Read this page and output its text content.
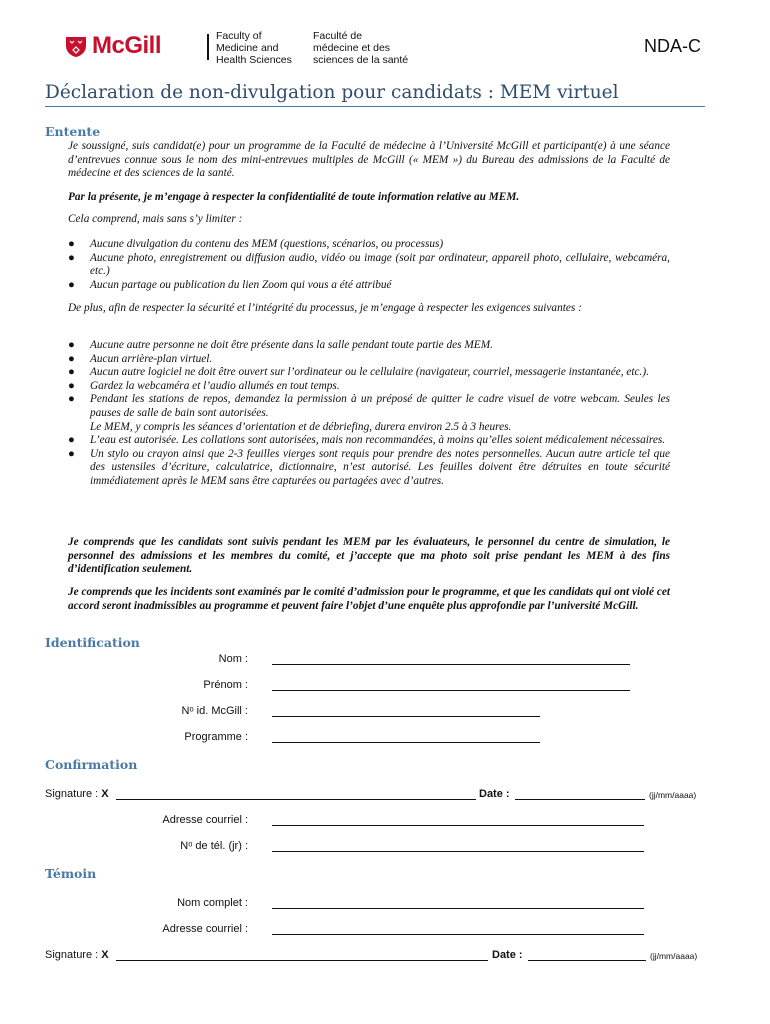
McGill	Faculty of
Medicine and
Health Sciences
Faculté de
médecine et des
sciences de la santé
NDA-C
Déclaration de non-divulgation pour candidats : MEM virtuel
Entente
Je soussigné, suis candidat(e) pour un programme de la Faculté de médecine à l’Université McGill et participant(e) à une séance d’entrevues connue sous le nom des mini-entrevues multiples de McGill (« MEM ») du Bureau des admissions de la Faculté de médecine et des sciences de la santé.
Par la présente, je m’engage à respecter la confidentialité de toute information relative au MEM.
Cela comprend, mais sans s’y limiter :
● Aucune divulgation du contenu des MEM (questions, scénarios, ou processus)
● Aucune photo, enregistrement ou diffusion audio, vidéo ou image (soit par ordinateur, appareil photo, cellulaire, webcaméra, etc.)
● Aucun partage ou publication du lien Zoom qui vous a été attribué
De plus, afin de respecter la sécurité et l’intégrité du processus, je m’engage à respecter les exigences suivantes :
● Aucune autre personne ne doit être présente dans la salle pendant toute partie des MEM.
● Aucun arrière-plan virtuel.
● Aucun autre logiciel ne doit être ouvert sur l’ordinateur ou le cellulaire (navigateur, courriel, messagerie instantanée, etc.).
● Gardez la webcaméra et l’audio allumés en tout temps.
● Pendant les stations de repos, demandez la permission à un préposé de quitter le cadre visuel de votre webcam. Seules les pauses de salle de bain sont autorisées.
Le MEM, y compris les séances d’orientation et de débriefing, durera environ 2.5 à 3 heures.
● L’eau est autorisée. Les collations sont autorisées, mais non recommandées, à moins qu’elles soient médicalement nécessaires.
● Un stylo ou crayon ainsi que 2-3 feuilles vierges sont requis pour prendre des notes personnelles. Aucun autre article tel que des ustensiles d’écriture, calculatrice, dictionnaire, n’est autorisé. Les feuilles doivent être détruites en toute sécurité immédiatement après le MEM sans être capturées ou partagées avec d’autres.
Je comprends que les candidats sont suivis pendant les MEM par les évaluateurs, le personnel du centre de simulation, le personnel des admissions et les membres du comité, et j’accepte que ma photo soit prise pendant les MEM à des fins d’identification seulement.
Je comprends que les incidents sont examinés par le comité d’admission pour le programme, et que les candidats qui ont violé cet accord seront inadmissibles au programme et peuvent faire l’objet d’une enquête plus approfondie par l’université McGill.
Identification
Nom :
Prénom :
Nᵒ id. McGill :
Programme :
Confirmation
Signature : X	Date :	(jj/mm/aaaa)
Adresse courriel :
Nᵒ de tél. (jr) :
Témoin
Nom complet :
Adresse courriel :
Signature : X	Date :	(jj/mm/aaaa)
